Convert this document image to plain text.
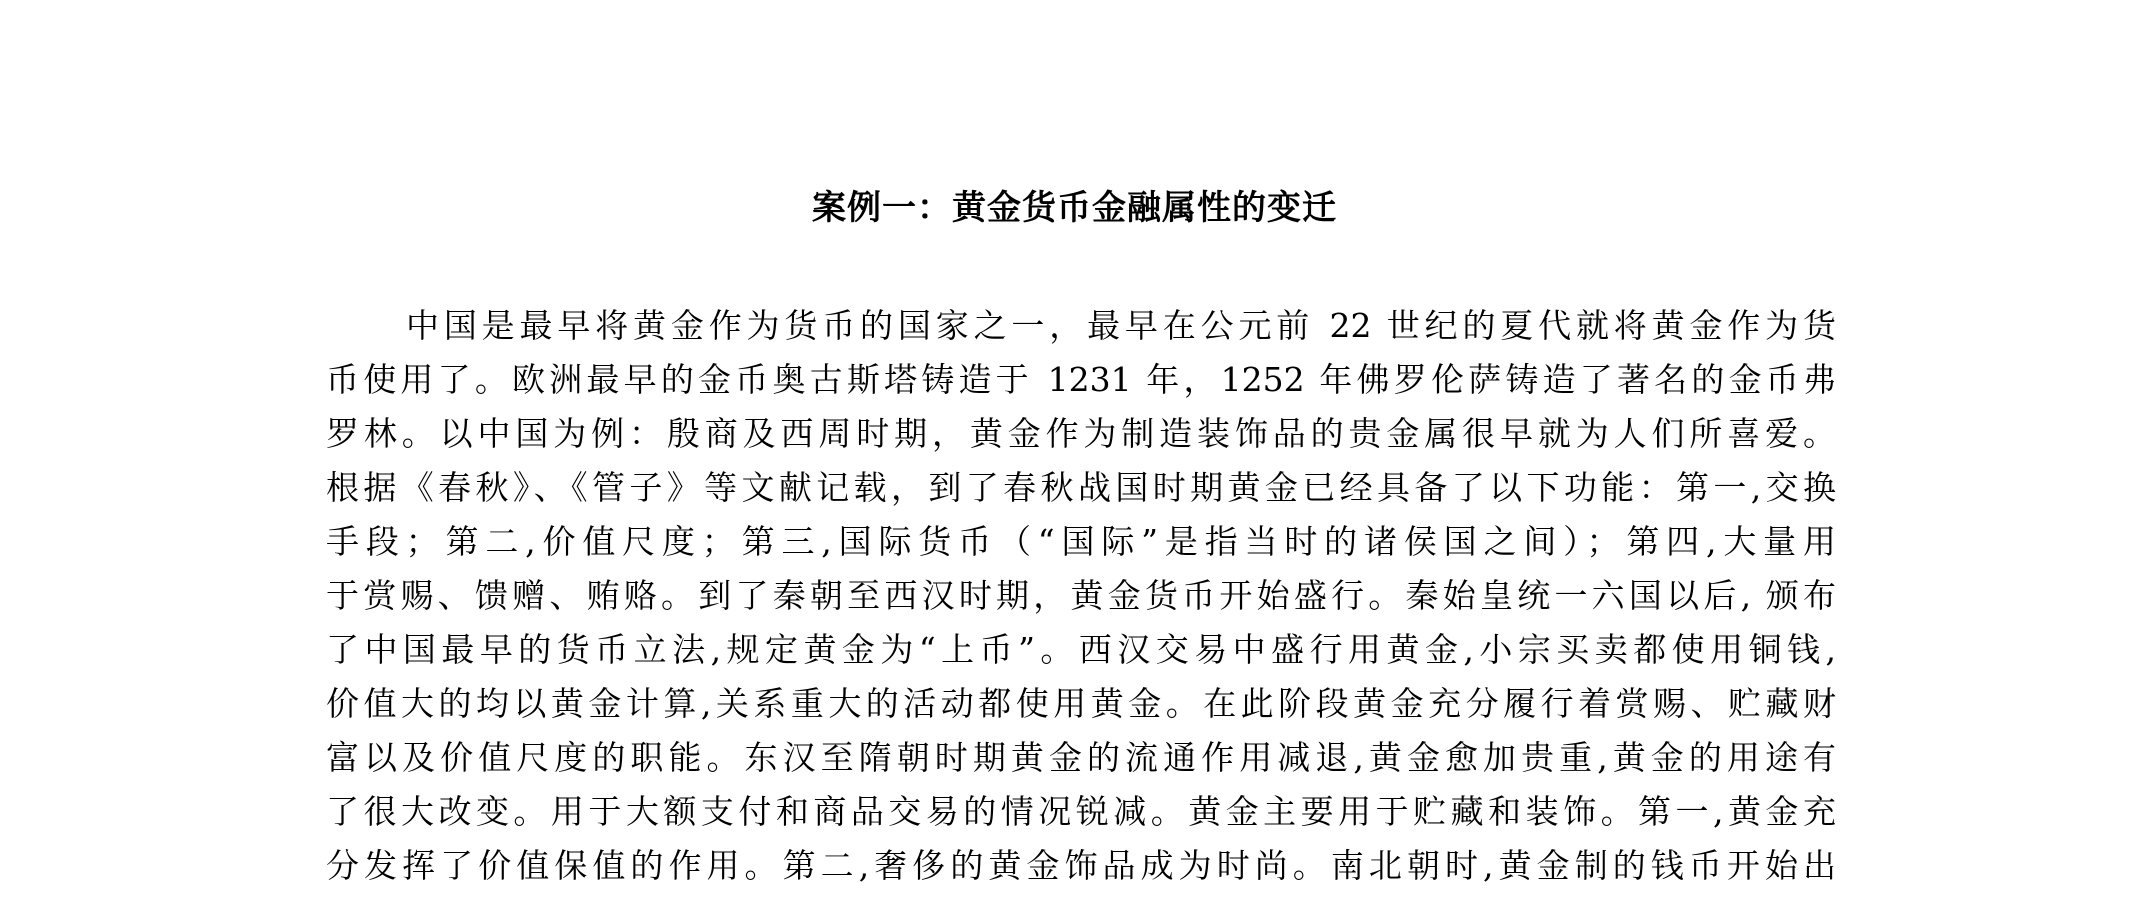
案例一：黄金货币金融属性的变迁
中国是最早将黄金作为货币的国家之一，最早在公元前 22 世纪的夏代就将黄金作为货
币使用了。欧洲最早的金币奥古斯塔铸造于 1231 年，1252 年佛罗伦萨铸造了著名的金币弗
罗林。以中国为例：殷商及西周时期，黄金作为制造装饰品的贵金属很早就为人们所喜爱。
根据《春秋》、《管子》等文献记载，到了春秋战国时期黄金已经具备了以下功能：第一,交换
手段；第二,价值尺度；第三,国际货币（“国际”是指当时的诸侯国之间）；第四,大量用
于赏赐、馈赠、贿赂。到了秦朝至西汉时期，黄金货币开始盛行。秦始皇统一六国以后, 颁布
了中国最早的货币立法,规定黄金为“上币”。西汉交易中盛行用黄金,小宗买卖都使用铜钱,
价值大的均以黄金计算,关系重大的活动都使用黄金。在此阶段黄金充分履行着赏赐、贮藏财
富以及价值尺度的职能。东汉至隋朝时期黄金的流通作用减退,黄金愈加贵重,黄金的用途有
了很大改变。用于大额支付和商品交易的情况锐减。黄金主要用于贮藏和装饰。第一,黄金充
分发挥了价值保值的作用。第二,奢侈的黄金饰品成为时尚。南北朝时,黄金制的钱币开始出
